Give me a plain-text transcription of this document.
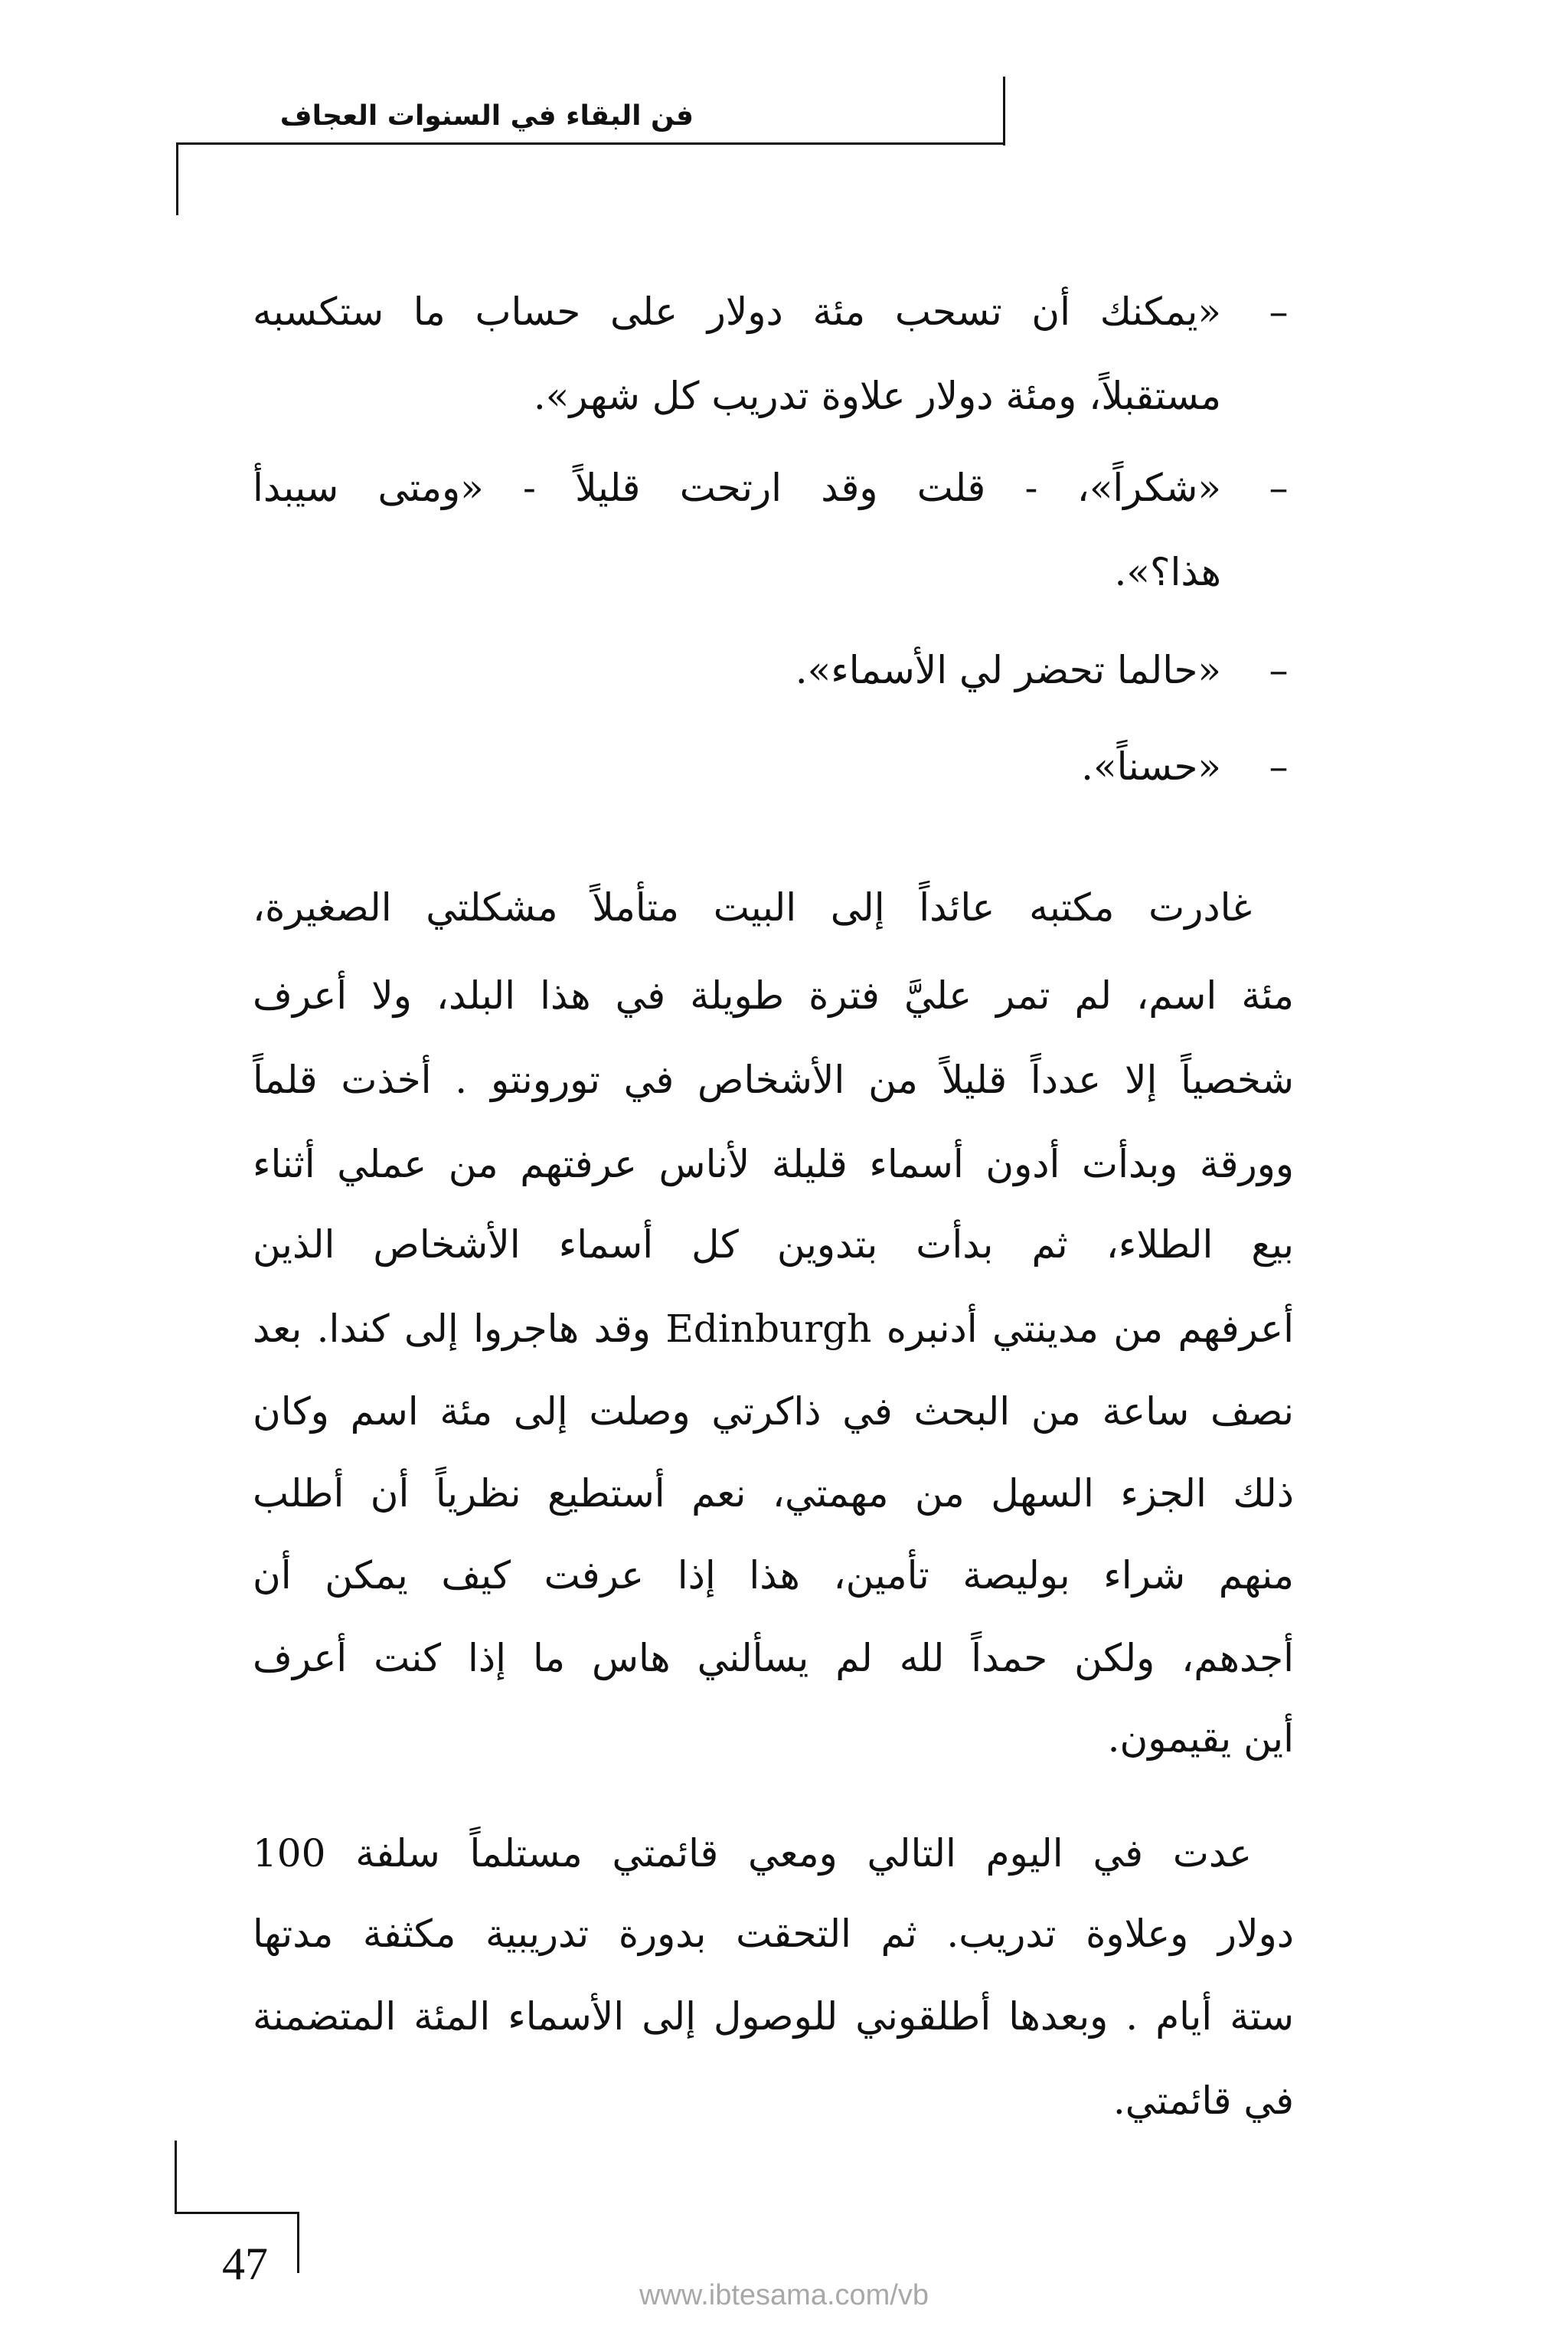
فن البقاء في السنوات العجاف
–
«يمكنك أن تسحب مئة دولار على حساب ما ستكسبه
مستقبلاً، ومئة دولار علاوة تدريب كل شهر».
–
«شكراً»، - قلت وقد ارتحت قليلاً - «ومتى سيبدأ
هذا؟».
–
«حالما تحضر لي الأسماء».
–
«حسناً».
غادرت مكتبه عائداً إلى البيت متأملاً مشكلتي الصغيرة،
مئة اسم، لم تمر عليَّ فترة طويلة في هذا البلد، ولا أعرف
شخصياً إلا عدداً قليلاً من الأشخاص في تورونتو . أخذت قلماً
وورقة وبدأت أدون أسماء قليلة لأناس عرفتهم من عملي أثناء
بيع الطلاء، ثم بدأت بتدوين كل أسماء الأشخاص الذين
أعرفهم من مدينتي أدنبره Edinburgh وقد هاجروا إلى كندا. بعد
نصف ساعة من البحث في ذاكرتي وصلت إلى مئة اسم وكان
ذلك الجزء السهل من مهمتي، نعم أستطيع نظرياً أن أطلب
منهم شراء بوليصة تأمين، هذا إذا عرفت كيف يمكن أن
أجدهم، ولكن حمداً لله لم يسألني هاس ما إذا كنت أعرف
أين يقيمون.
عدت في اليوم التالي ومعي قائمتي مستلماً سلفة 100
دولار وعلاوة تدريب. ثم التحقت بدورة تدريبية مكثفة مدتها
ستة أيام . وبعدها أطلقوني للوصول إلى الأسماء المئة المتضمنة
في قائمتي.
47
www.ibtesama.com/vb
